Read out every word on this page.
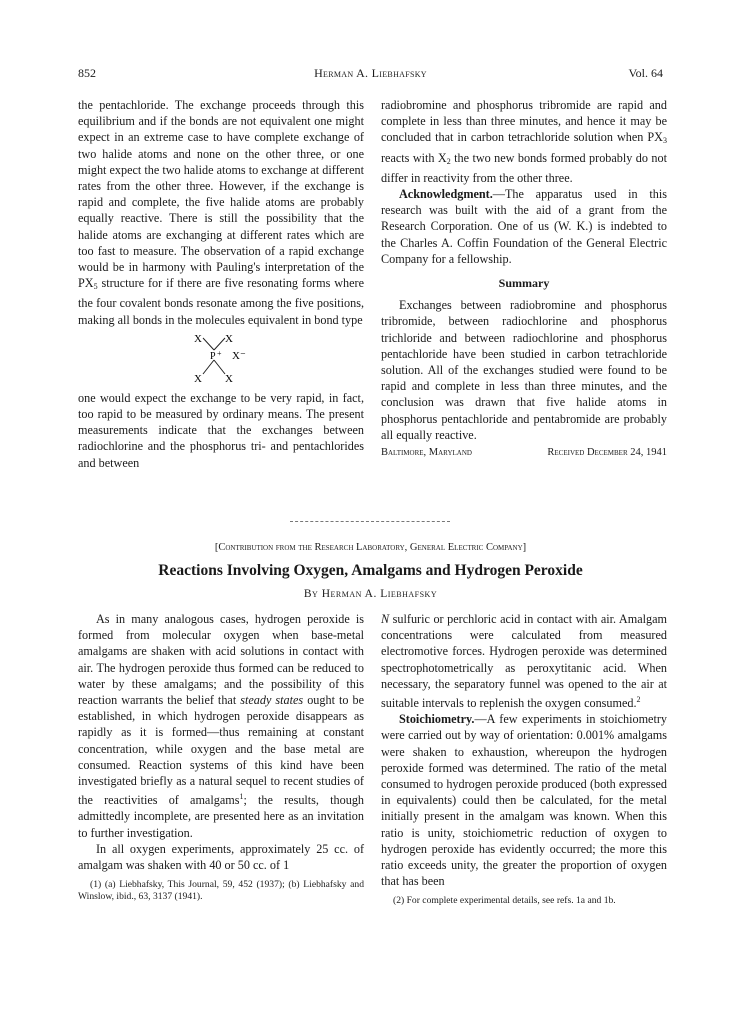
852	Herman A. Liebhafsky	Vol. 64

the pentachloride. The exchange proceeds through this equilibrium and if the bonds are not equivalent one might expect in an extreme case to have complete exchange of two halide atoms and none on the other three, or one might expect the two halide atoms to exchange at different rates from the other three. However, if the exchange is rapid and complete, the five halide atoms are probably equally reactive. There is still the possibility that the halide atoms are exchanging at different rates which are too fast to measure. The observation of a rapid exchange would be in harmony with Pauling's interpretation of the $PX_5$ structure for if there are five resonating forms where the four covalent bonds resonate among the five positions, making all bonds in the molecules equivalent in bond type

X X
P + X⁻
X X

one would expect the exchange to be very rapid, in fact, too rapid to be measured by ordinary means. The present measurements indicate that the exchanges between radiochlorine and the phosphorus tri- and pentachlorides and between

radiobromine and phosphorus tribromide are rapid and complete in less than three minutes, and hence it may be concluded that in carbon tetrachloride solution when $PX_3$ reacts with $X_2$ the two new bonds formed probably do not differ in reactivity from the other three.

Acknowledgment.—The apparatus used in this research was built with the aid of a grant from the Research Corporation. One of us (W. K.) is indebted to the Charles A. Coffin Foundation of the General Electric Company for a fellowship.

Summary

Exchanges between radiobromine and phosphorus tribromide, between radiochlorine and phosphorus trichloride and between radiochlorine and phosphorus pentachloride have been studied in carbon tetrachloride solution. All of the exchanges studied were found to be rapid and complete in less than three minutes, and the conclusion was drawn that five halide atoms in phosphorus pentachloride and pentabromide are probably all equally reactive.

Baltimore, Maryland	Received December 24, 1941
[Contribution from the Research Laboratory, General Electric Company]
Reactions Involving Oxygen, Amalgams and Hydrogen Peroxide
By Herman A. Liebhafsky

As in many analogous cases, hydrogen peroxide is formed from molecular oxygen when base-metal amalgams are shaken with acid solutions in contact with air. The hydrogen peroxide thus formed can be reduced to water by these amalgams; and the possibility of this reaction warrants the belief that steady states ought to be established, in which hydrogen peroxide disappears as rapidly as it is formed—thus remaining at constant concentration, while oxygen and the base metal are consumed. Reaction systems of this kind have been investigated briefly as a natural sequel to recent studies of the reactivities of amalgams$^1$; the results, though admittedly incomplete, are presented here as an invitation to further investigation.

In all oxygen experiments, approximately 25 cc. of amalgam was shaken with 40 or 50 cc. of 1

(1) (a) Liebhafsky, This Journal, 59, 452 (1937); (b) Liebhafsky and Winslow, ibid., 63, 3137 (1941).

N sulfuric or perchloric acid in contact with air. Amalgam concentrations were calculated from measured electromotive forces. Hydrogen peroxide was determined spectrophotometrically as peroxytitanic acid. When necessary, the separatory funnel was opened to the air at suitable intervals to replenish the oxygen consumed.$^2$

Stoichiometry.—A few experiments in stoichiometry were carried out by way of orientation: 0.001% amalgams were shaken to exhaustion, whereupon the hydrogen peroxide formed was determined. The ratio of the metal consumed to hydrogen peroxide produced (both expressed in equivalents) could then be calculated, for the metal initially present in the amalgam was known. When this ratio is unity, stoichiometric reduction of oxygen to hydrogen peroxide has evidently occurred; the more this ratio exceeds unity, the greater the proportion of oxygen that has been

(2) For complete experimental details, see refs. 1a and 1b.
